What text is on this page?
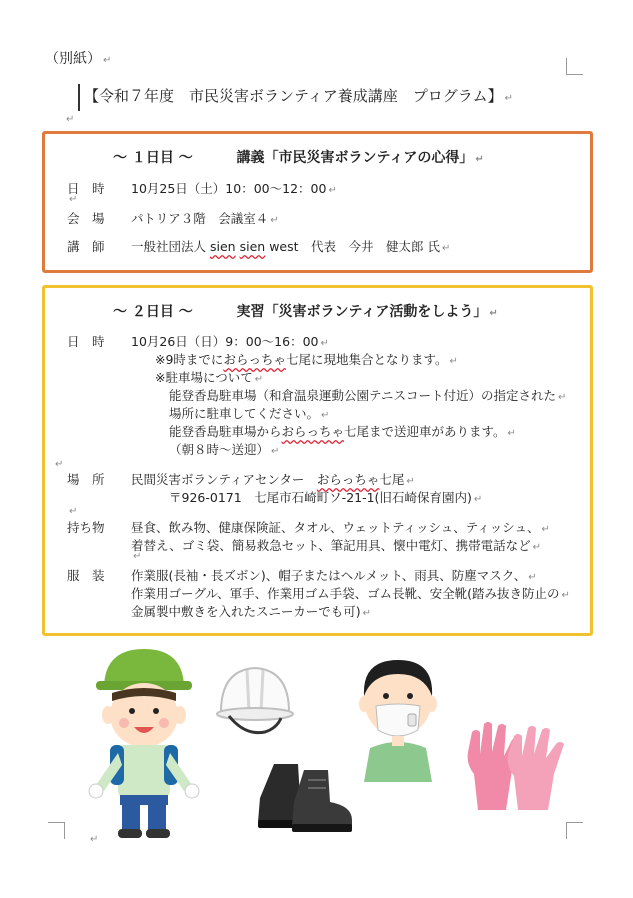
（別紙） ↵
【令和７年度　市民災害ボランティア養成講座　プログラム】 ↵
↵
～ １日目 ～	講義「市民災害ボランティアの心得」 ↵
日　時 10月25日（土）10：00～12：00 ↵
↵
会　場 パトリア３階　会議室４ ↵
講　師 一般社団法人 sien sien west　代表　今井　健太郎 氏 ↵
～ ２日目 ～	実習「災害ボランティア活動をしよう」 ↵
日　時 10月26日（日）9：00～16：00 ↵
※9時までにおらっちゃ七尾に現地集合となります。 ↵
※駐車場について ↵
能登香島駐車場（和倉温泉運動公園テニスコート付近）の指定された ↵
場所に駐車してください。 ↵
能登香島駐車場からおらっちゃ七尾まで送迎車があります。 ↵
（朝８時～送迎） ↵
↵
場　所 民間災害ボランティアセンター　おらっちゃ七尾 ↵
〒926-0171　七尾市石崎町ソ-21-1(旧石崎保育園内) ↵
↵
持ち物 昼食、飲み物、健康保険証、タオル、ウェットティッシュ、ティッシュ、 ↵
着替え、ゴミ袋、簡易救急セット、筆記用具、懐中電灯、携帯電話など ↵
↵
服　装 作業服(長袖・長ズボン)、帽子またはヘルメット、雨具、防塵マスク、 ↵
作業用ゴーグル、軍手、作業用ゴム手袋、ゴム長靴、安全靴(踏み抜き防止の ↵
金属製中敷きを入れたスニーカーでも可) ↵
↵
